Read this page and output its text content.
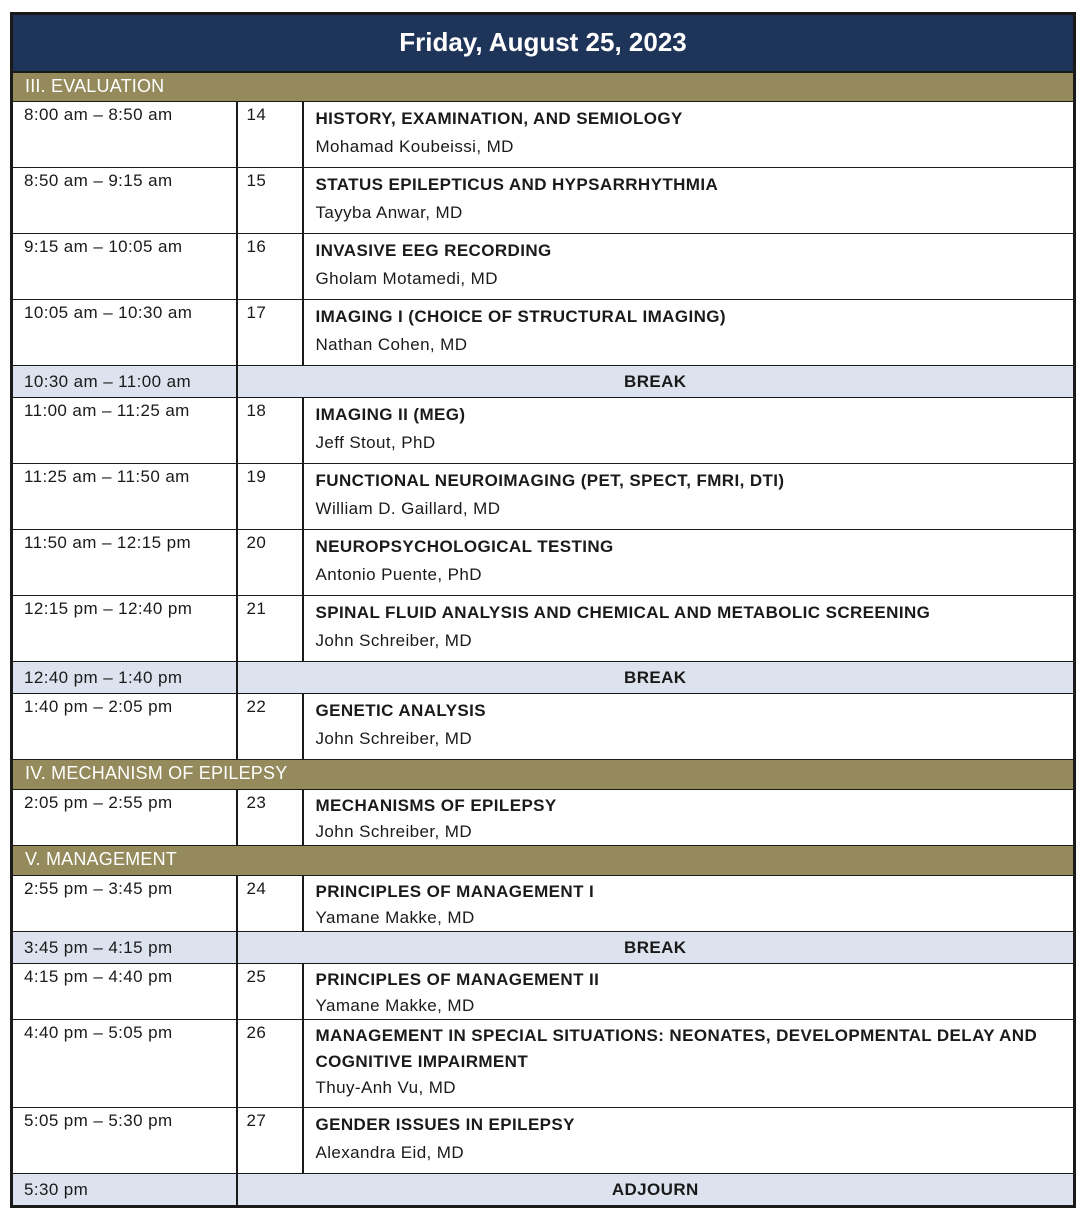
Friday, August 25, 2023		
III. EVALUATION		
8:00 am – 8:50 am	14	HISTORY, EXAMINATION, AND SEMIOLOGY
Mohamad Koubeissi, MD

8:50 am – 9:15 am	15	STATUS EPILEPTICUS AND HYPSARRHYTHMIA
Tayyba Anwar, MD

9:15 am – 10:05 am	16	INVASIVE EEG RECORDING
Gholam Motamedi, MD

10:05 am – 10:30 am	17	IMAGING I (CHOICE OF STRUCTURAL IMAGING)
Nathan Cohen, MD

10:30 am – 11:00 am	BREAK	
11:00 am – 11:25 am	18	IMAGING II (MEG)
Jeff Stout, PhD

11:25 am – 11:50 am	19	FUNCTIONAL NEUROIMAGING (PET, SPECT, FMRI, DTI)
William D. Gaillard, MD

11:50 am – 12:15 pm	20	NEUROPSYCHOLOGICAL TESTING
Antonio Puente, PhD

12:15 pm – 12:40 pm	21	SPINAL FLUID ANALYSIS AND CHEMICAL AND METABOLIC SCREENING
John Schreiber, MD

12:40 pm – 1:40 pm	BREAK	
1:40 pm – 2:05 pm	22	GENETIC ANALYSIS
John Schreiber, MD

IV. MECHANISM OF EPILEPSY		
2:05 pm – 2:55 pm	23	MECHANISMS OF EPILEPSY
John Schreiber, MD

V. MANAGEMENT		
2:55 pm – 3:45 pm	24	PRINCIPLES OF MANAGEMENT I
Yamane Makke, MD

3:45 pm – 4:15 pm	BREAK	
4:15 pm – 4:40 pm	25	PRINCIPLES OF MANAGEMENT II
Yamane Makke, MD

4:40 pm – 5:05 pm	26	MANAGEMENT IN SPECIAL SITUATIONS: NEONATES, DEVELOPMENTAL DELAY AND COGNITIVE IMPAIRMENT
Thuy-Anh Vu, MD

5:05 pm – 5:30 pm	27	GENDER ISSUES IN EPILEPSY
Alexandra Eid, MD

5:30 pm	ADJOURN	
